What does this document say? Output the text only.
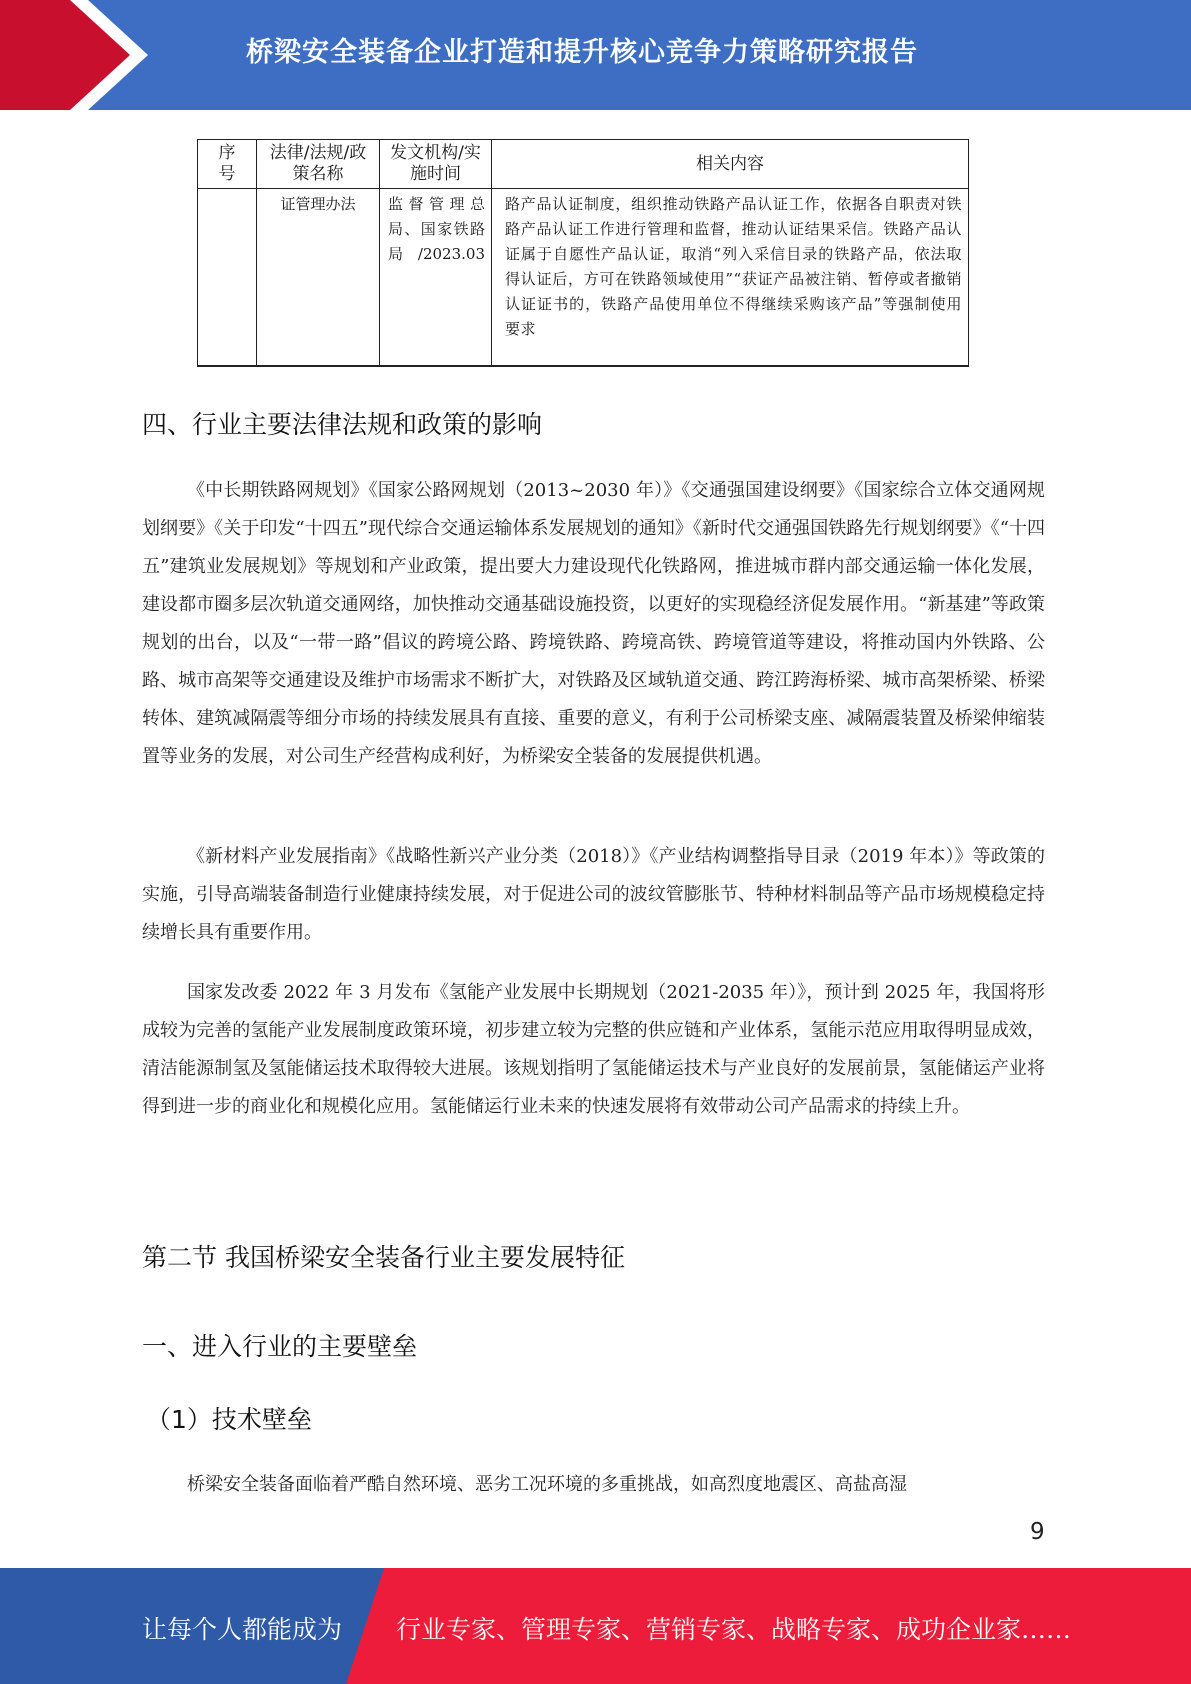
桥梁安全装备企业打造和提升核心竞争力策略研究报告
序号	法律/法规/政策名称	发文机构/实施时间	相关内容
	证管理办法	监督管理总局、国家铁路局/2023.03	路产品认证制度，组织推动铁路产品认证工作，依据各自职责对铁路产品认证工作进行管理和监督，推动认证结果采信。铁路产品认证属于自愿性产品认证，取消“列入采信目录的铁路产品，依法取得认证后，方可在铁路领域使用”“获证产品被注销、暂停或者撤销认证证书的，铁路产品使用单位不得继续采购该产品”等强制使用要求
四、行业主要法律法规和政策的影响
《中长期铁路网规划》《国家公路网规划（2013~2030 年）》《交通强国建设纲要》《国家综合立体交通网规划纲要》《关于印发“十四五”现代综合交通运输体系发展规划的通知》《新时代交通强国铁路先行规划纲要》《“十四五”建筑业发展规划》等规划和产业政策，提出要大力建设现代化铁路网，推进城市群内部交通运输一体化发展，建设都市圈多层次轨道交通网络，加快推动交通基础设施投资，以更好的实现稳经济促发展作用。“新基建”等政策规划的出台，以及“一带一路”倡议的跨境公路、跨境铁路、跨境高铁、跨境管道等建设，将推动国内外铁路、公路、城市高架等交通建设及维护市场需求不断扩大，对铁路及区域轨道交通、跨江跨海桥梁、城市高架桥梁、桥梁转体、建筑减隔震等细分市场的持续发展具有直接、重要的意义，有利于公司桥梁支座、减隔震装置及桥梁伸缩装置等业务的发展，对公司生产经营构成利好，为桥梁安全装备的发展提供机遇。
《新材料产业发展指南》《战略性新兴产业分类（2018）》《产业结构调整指导目录（2019 年本）》等政策的实施，引导高端装备制造行业健康持续发展，对于促进公司的波纹管膨胀节、特种材料制品等产品市场规模稳定持续增长具有重要作用。
国家发改委 2022 年 3 月发布《氢能产业发展中长期规划（2021-2035 年）》，预计到 2025 年，我国将形成较为完善的氢能产业发展制度政策环境，初步建立较为完整的供应链和产业体系，氢能示范应用取得明显成效，清洁能源制氢及氢能储运技术取得较大进展。该规划指明了氢能储运技术与产业良好的发展前景，氢能储运产业将得到进一步的商业化和规模化应用。氢能储运行业未来的快速发展将有效带动公司产品需求的持续上升。
第二节 我国桥梁安全装备行业主要发展特征
一、进入行业的主要壁垒
（1）技术壁垒
桥梁安全装备面临着严酷自然环境、恶劣工况环境的多重挑战，如高烈度地震区、高盐高湿
9
让每个人都能成为 行业专家、管理专家、营销专家、战略专家、成功企业家……
